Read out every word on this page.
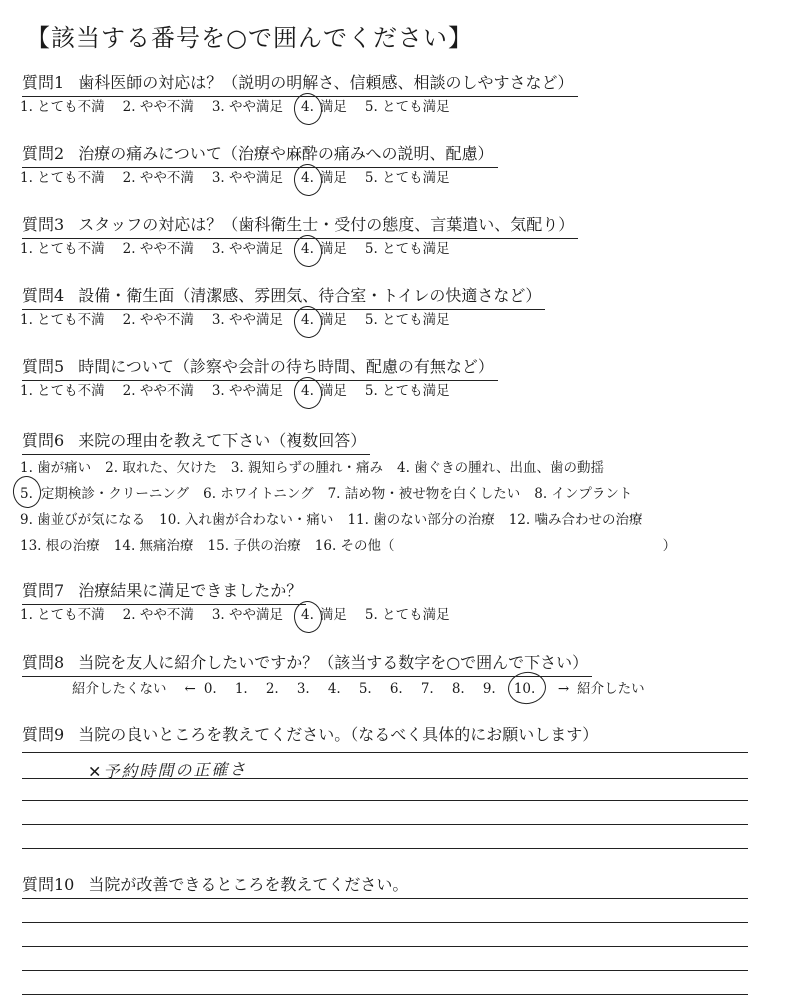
【該当する番号を○で囲んでください】
質問1 歯科医師の対応は？（説明の明解さ、信頼感、相談のしやすさなど）
1. とても不満 2. やや不満 3. やや満足 4. 満足 5. とても満足
質問2 治療の痛みについて（治療や麻酔の痛みへの説明、配慮）
1. とても不満 2. やや不満 3. やや満足 4. 満足 5. とても満足
質問3 スタッフの対応は？（歯科衛生士・受付の態度、言葉遣い、気配り）
1. とても不満 2. やや不満 3. やや満足 4. 満足 5. とても満足
質問4 設備・衛生面（清潔感、雰囲気、待合室・トイレの快適さなど）
1. とても不満 2. やや不満 3. やや満足 4. 満足 5. とても満足
質問5 時間について（診察や会計の待ち時間、配慮の有無など）
1. とても不満 2. やや不満 3. やや満足 4. 満足 5. とても満足
質問6 来院の理由を教えて下さい（複数回答）
1. 歯が痛い 2. 取れた、欠けた 3. 親知らずの腫れ・痛み 4. 歯ぐきの腫れ、出血、歯の動揺
5. 定期検診・クリーニング 6. ホワイトニング 7. 詰め物・被せ物を白くしたい 8. インプラント
9. 歯並びが気になる 10. 入れ歯が合わない・痛い 11. 歯のない部分の治療 12. 噛み合わせの治療
13. 根の治療 14. 無痛治療 15. 子供の治療 16. その他（	）
質問7 治療結果に満足できましたか？
1. とても不満 2. やや不満 3. やや満足 4. 満足 5. とても満足
質問8 当院を友人に紹介したいですか？（該当する数字を○で囲んで下さい）
紹介したくない ← 0. 1. 2. 3. 4. 5. 6. 7. 8. 9. 10. → 紹介したい
質問9 当院の良いところを教えてください。（なるべく具体的にお願いします）
✕予約時間の正確さ
質問10 当院が改善できるところを教えてください。
